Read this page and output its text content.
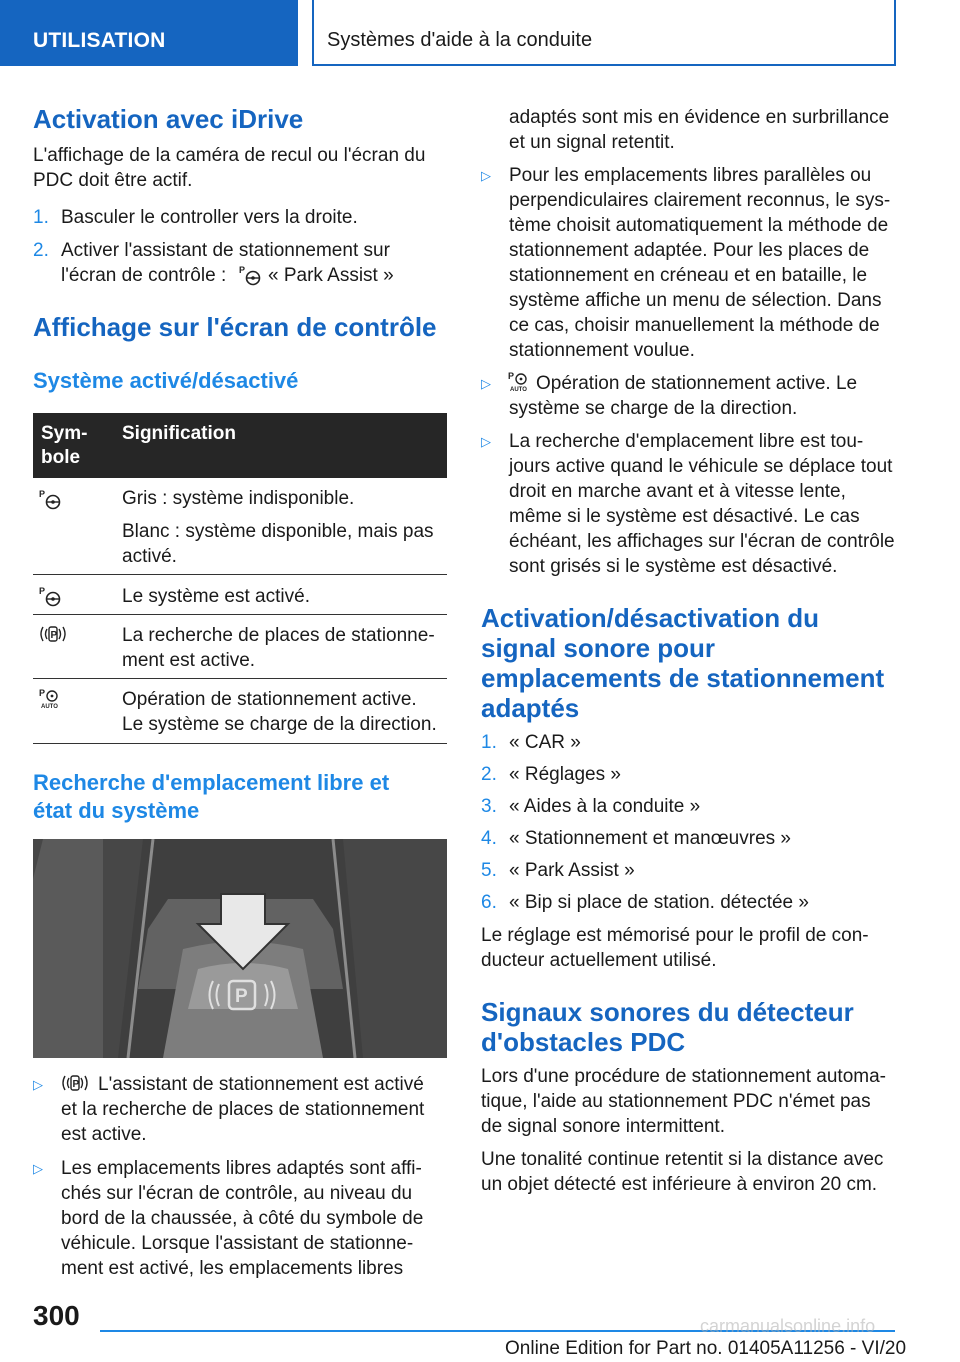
UTILISATION	Systèmes d'aide à la conduite
Activation avec iDrive
L'affichage de la caméra de recul ou l'écran du
PDC doit être actif.
1. Basculer le controller vers la droite.
2. Activer l'assistant de stationnement sur
l'écran de contrôle : P « Park Assist »
Affichage sur l'écran de contrôle
Système activé/désactivé
Sym-
bole
Signification
P	Gris : système indisponible.
Blanc : système disponible, mais pas
activé.
P	Le système est activé.
P	La recherche de places de stationne-
ment est active.
P
AUTO	Opération de stationnement active.
Le système se charge de la direction.
Recherche d'emplacement libre et
état du système
P
▷	P L'assistant de stationnement est activé
et la recherche de places de stationnement
est active.
▷ Les emplacements libres adaptés sont affi-
chés sur l'écran de contrôle, au niveau du
bord de la chaussée, à côté du symbole de
véhicule. Lorsque l'assistant de stationne-
ment est activé, les emplacements libres
adaptés sont mis en évidence en surbrillance
et un signal retentit.
▷ Pour les emplacements libres parallèles ou
perpendiculaires clairement reconnus, le sys-
tème choisit automatiquement la méthode de
stationnement adaptée. Pour les places de
stationnement en créneau et en bataille, le
système affiche un menu de sélection. Dans
ce cas, choisir manuellement la méthode de
stationnement voulue.
▷ P
AUTO Opération de stationnement active. Le
système se charge de la direction.
▷ La recherche d'emplacement libre est tou-
jours active quand le véhicule se déplace tout
droit en marche avant et à vitesse lente,
même si le système est désactivé. Le cas
échéant, les affichages sur l'écran de contrôle
sont grisés si le système est désactivé.
Activation/désactivation du
signal sonore pour
emplacements de stationnement
adaptés
1. « CAR »
2. « Réglages »
3. « Aides à la conduite »
4. « Stationnement et manœuvres »
5. « Park Assist »
6. « Bip si place de station. détectée »
Le réglage est mémorisé pour le profil de con-
ducteur actuellement utilisé.
Signaux sonores du détecteur
d'obstacles PDC
Lors d'une procédure de stationnement automa-
tique, l'aide au stationnement PDC n'émet pas
de signal sonore intermittent.
Une tonalité continue retentit si la distance avec
un objet détecté est inférieure à environ 20 cm.
300
Online Edition for Part no. 01405A11256 - VI/20
carmanualsonline.info
